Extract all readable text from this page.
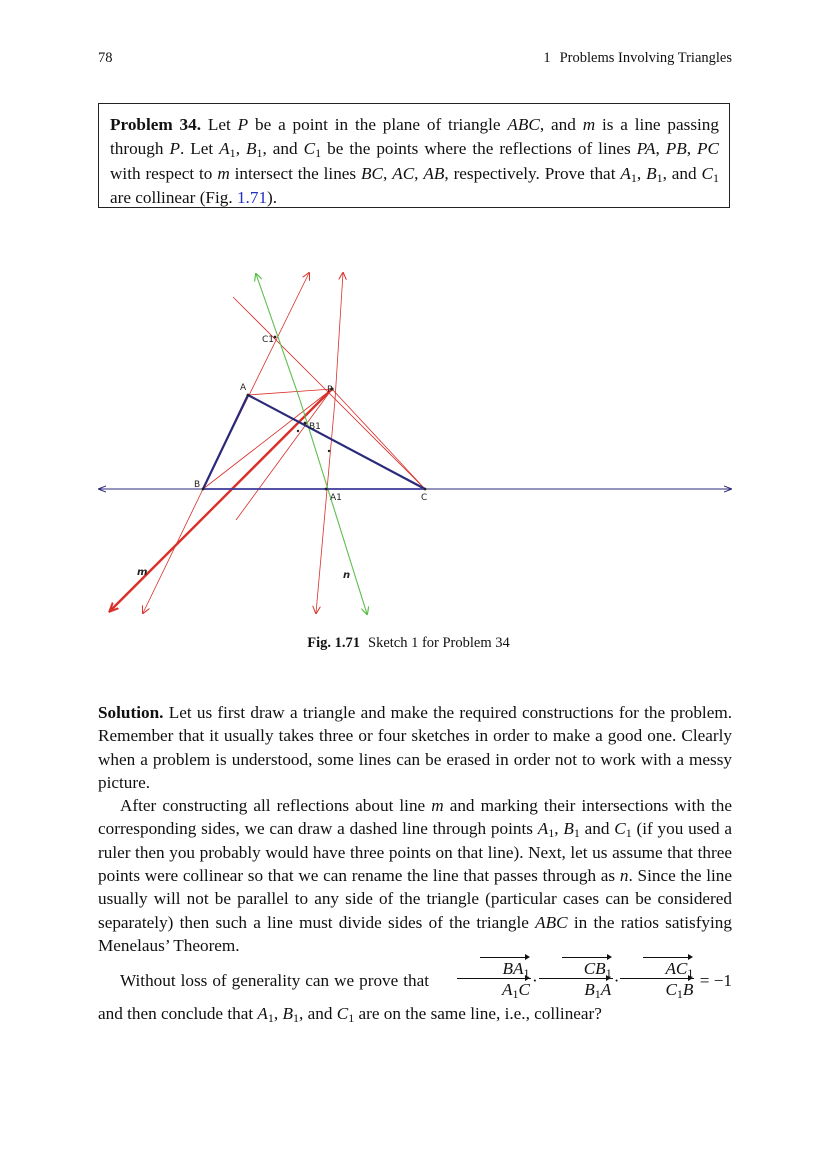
78	1 Problems Involving Triangles

Problem 34. Let P be a point in the plane of triangle ABC, and m is a line passing through P. Let $A_1$, $B_1$, and $C_1$ be the points where the reflections of lines PA, PB, PC with respect to m intersect the lines BC, AC, AB, respectively. Prove that $A_1$, $B_1$, and $C_1$ are collinear (Fig. 1.71).

A
B
C
P
A1
B1
C1
m	n
Fig. 1.71 Sketch 1 for Problem 34

Solution. Let us first draw a triangle and make the required constructions for the problem. Remember that it usually takes three or four sketches in order to make a good one. Clearly when a problem is understood, some lines can be erased in order not to work with a messy picture.

After constructing all reflections about line m and marking their intersections with the corresponding sides, we can draw a dashed line through points $A_1$, $B_1$ and $C_1$ (if you used a ruler then you probably would have three points on that line). Next, let us assume that three points were collinear so that we can rename the line that passes through as n. Since the line usually will not be parallel to any side of the triangle (particular cases can be considered separately) then such a line must divide sides of the triangle ABC in the ratios satisfying Menelaus’ Theorem.

Without loss of generality can we prove that $\frac{BA_1}{A_1C} \cdot \frac{CB_1}{B_1A} \cdot \frac{AC_1}{C_1B} = -1$ and then conclude that $A_1$, $B_1$, and $C_1$ are on the same line, i.e., collinear?
